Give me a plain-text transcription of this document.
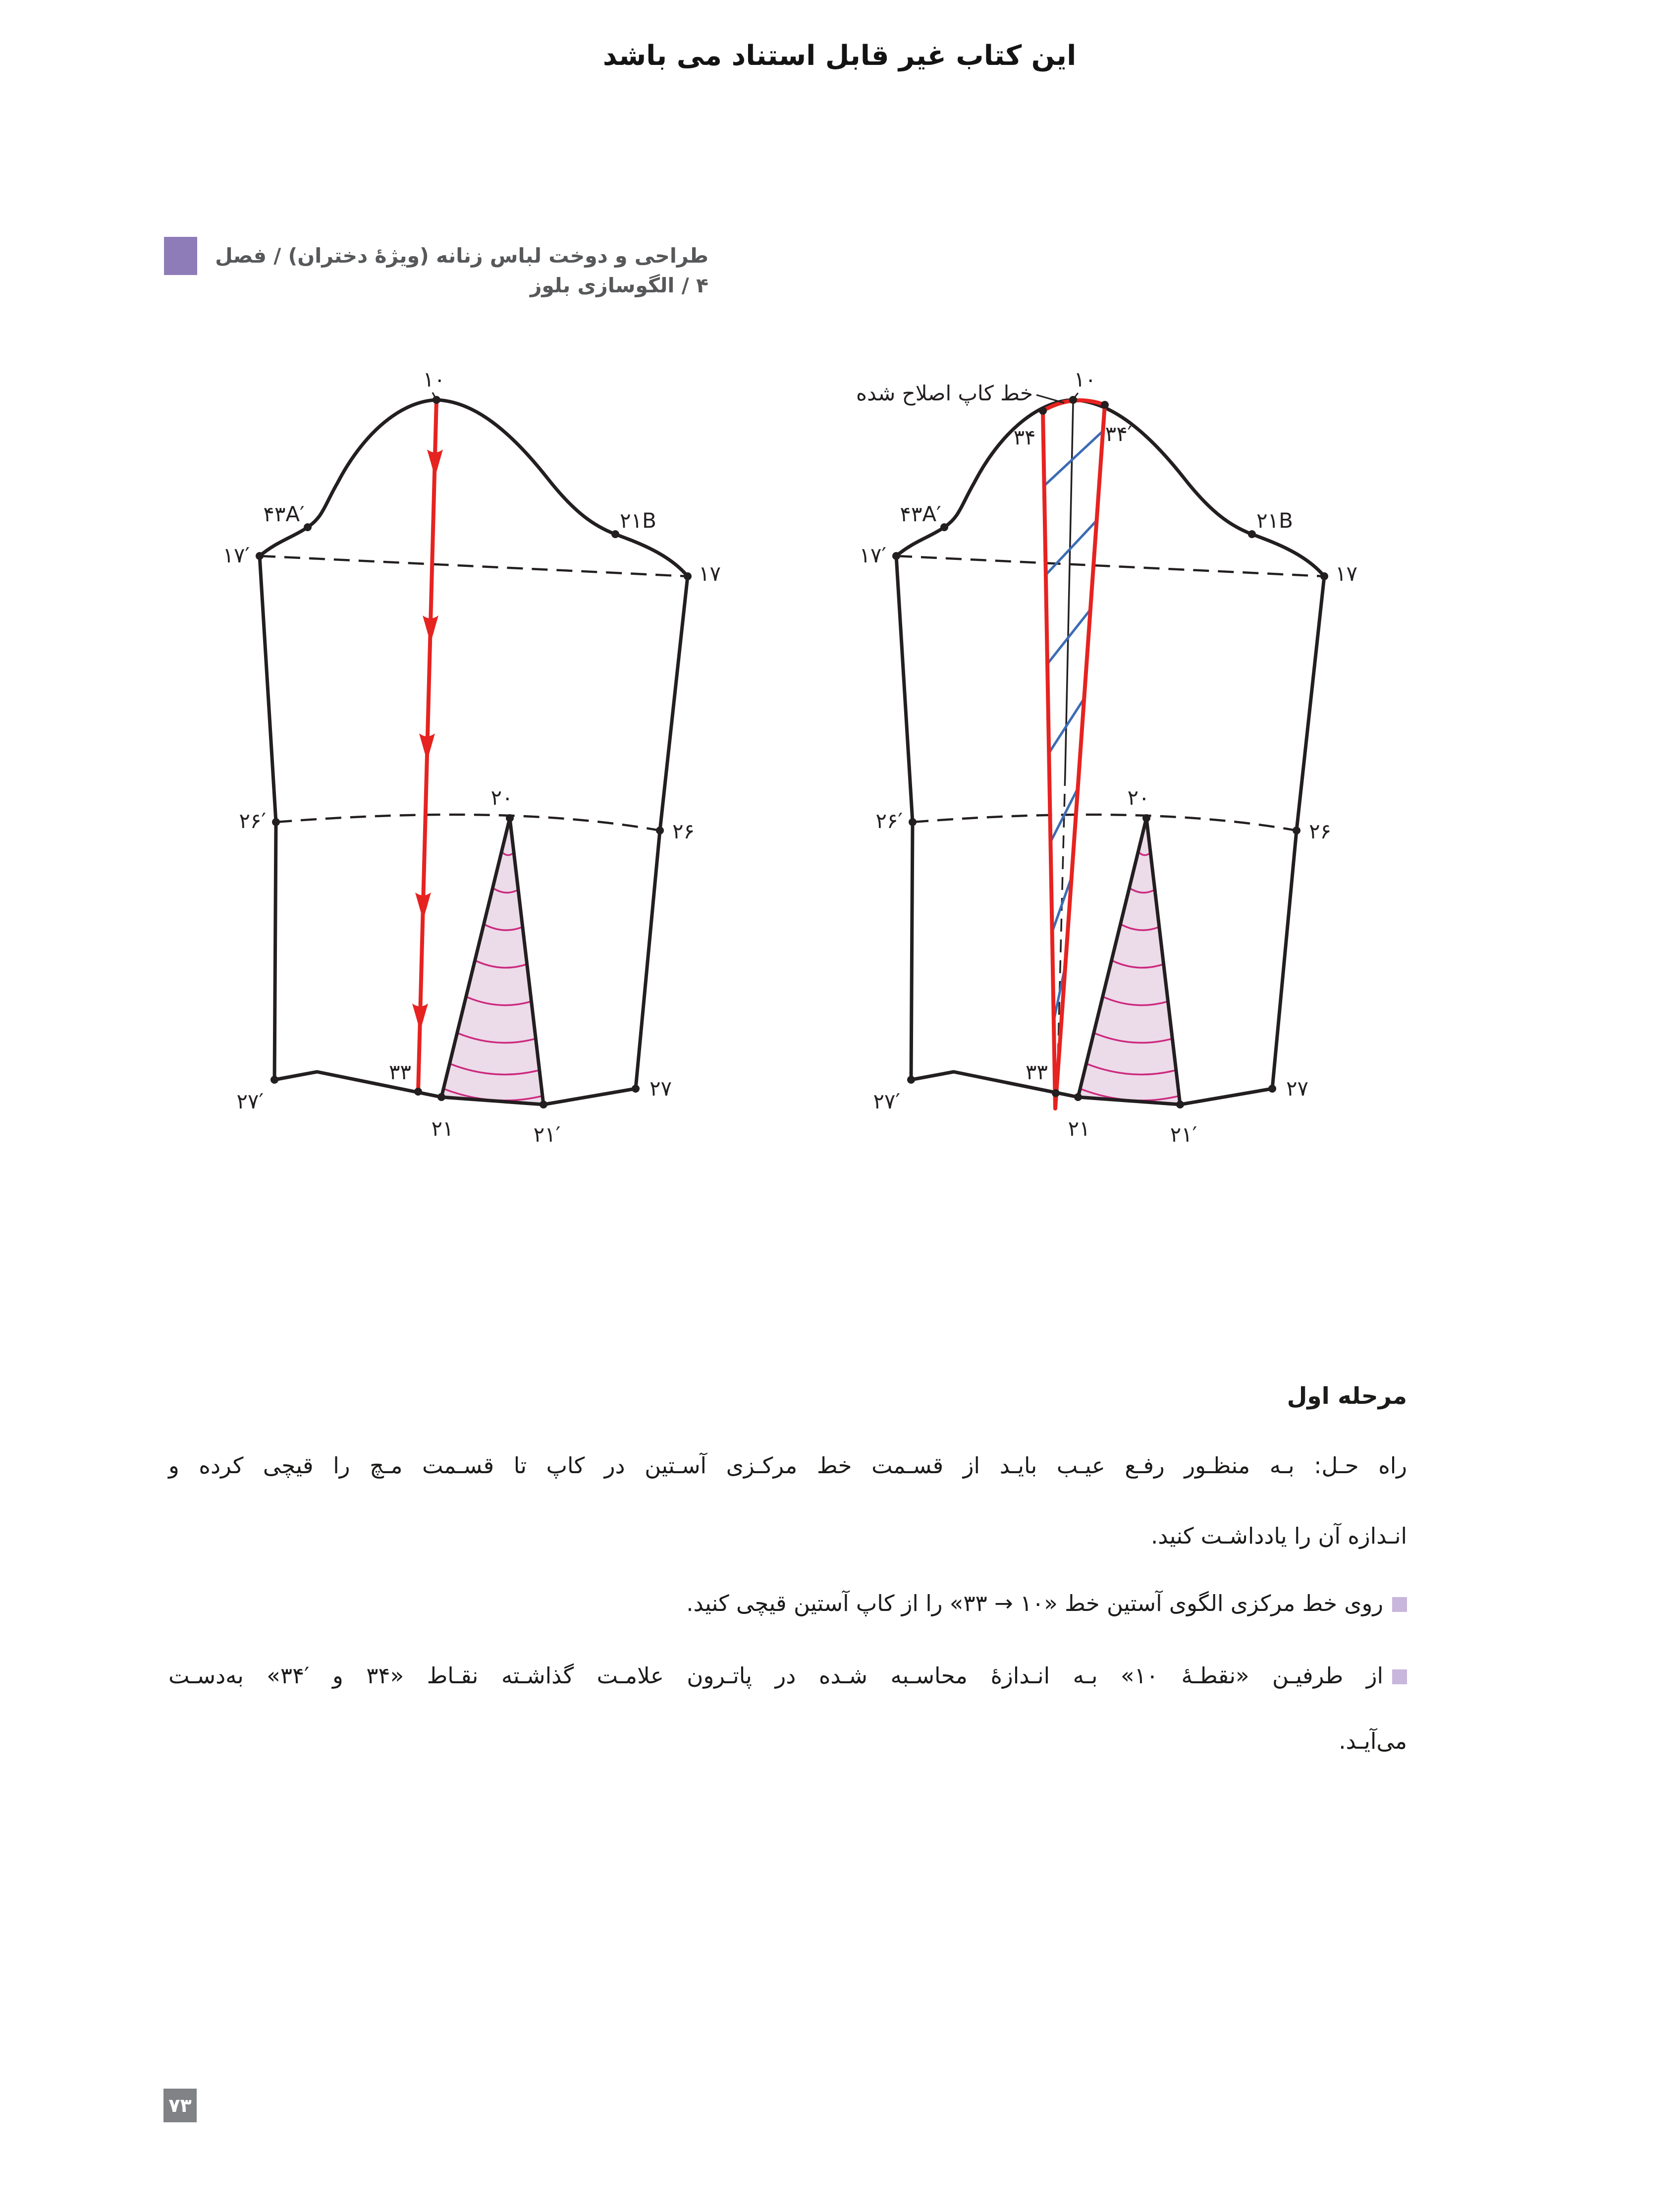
این کتاب غیر قابل استناد می باشد
طراحی و دوخت لباس زنانه (ویژهٔ دختران) / فصل ۴ / الگوسازی بلوز
۱۰
۴۳A′	۲۱B
۱۷′
۱۷
۲۶′
۲۰
۲۶
۳۳
۲۷′
۲۷
۲۱	۲۱′
۱۰
خط کاپ اصلاح شده
۳۴	۳۴′
۴۳A′	۲۱B
۱۷′
۱۷
۲۶′
۲۰
۲۶
۳۳
۲۷′
۲۷
۲۱	۲۱′
مرحله اول
راه حـل: بـه منظـور رفـع عیـب بایـد از قسـمت خط مرکـزی آسـتین در کاپ تا قسـمت مـچ را قیچی کرده و
انـدازه آن را یادداشـت کنید.
روی خط مرکزی الگوی آستین خط «۱۰ → ۳۳» را از کاپ آستین قیچی کنید.
از طرفیـن «نقطـهٔ ۱۰» بـه انـدازهٔ محاسـبه شـده در پاتـرون علامـت گذاشـته نقـاط «۳۴ و ⁦۳۴′⁩» به‌دسـت
می‌آیـد.
۷۳
